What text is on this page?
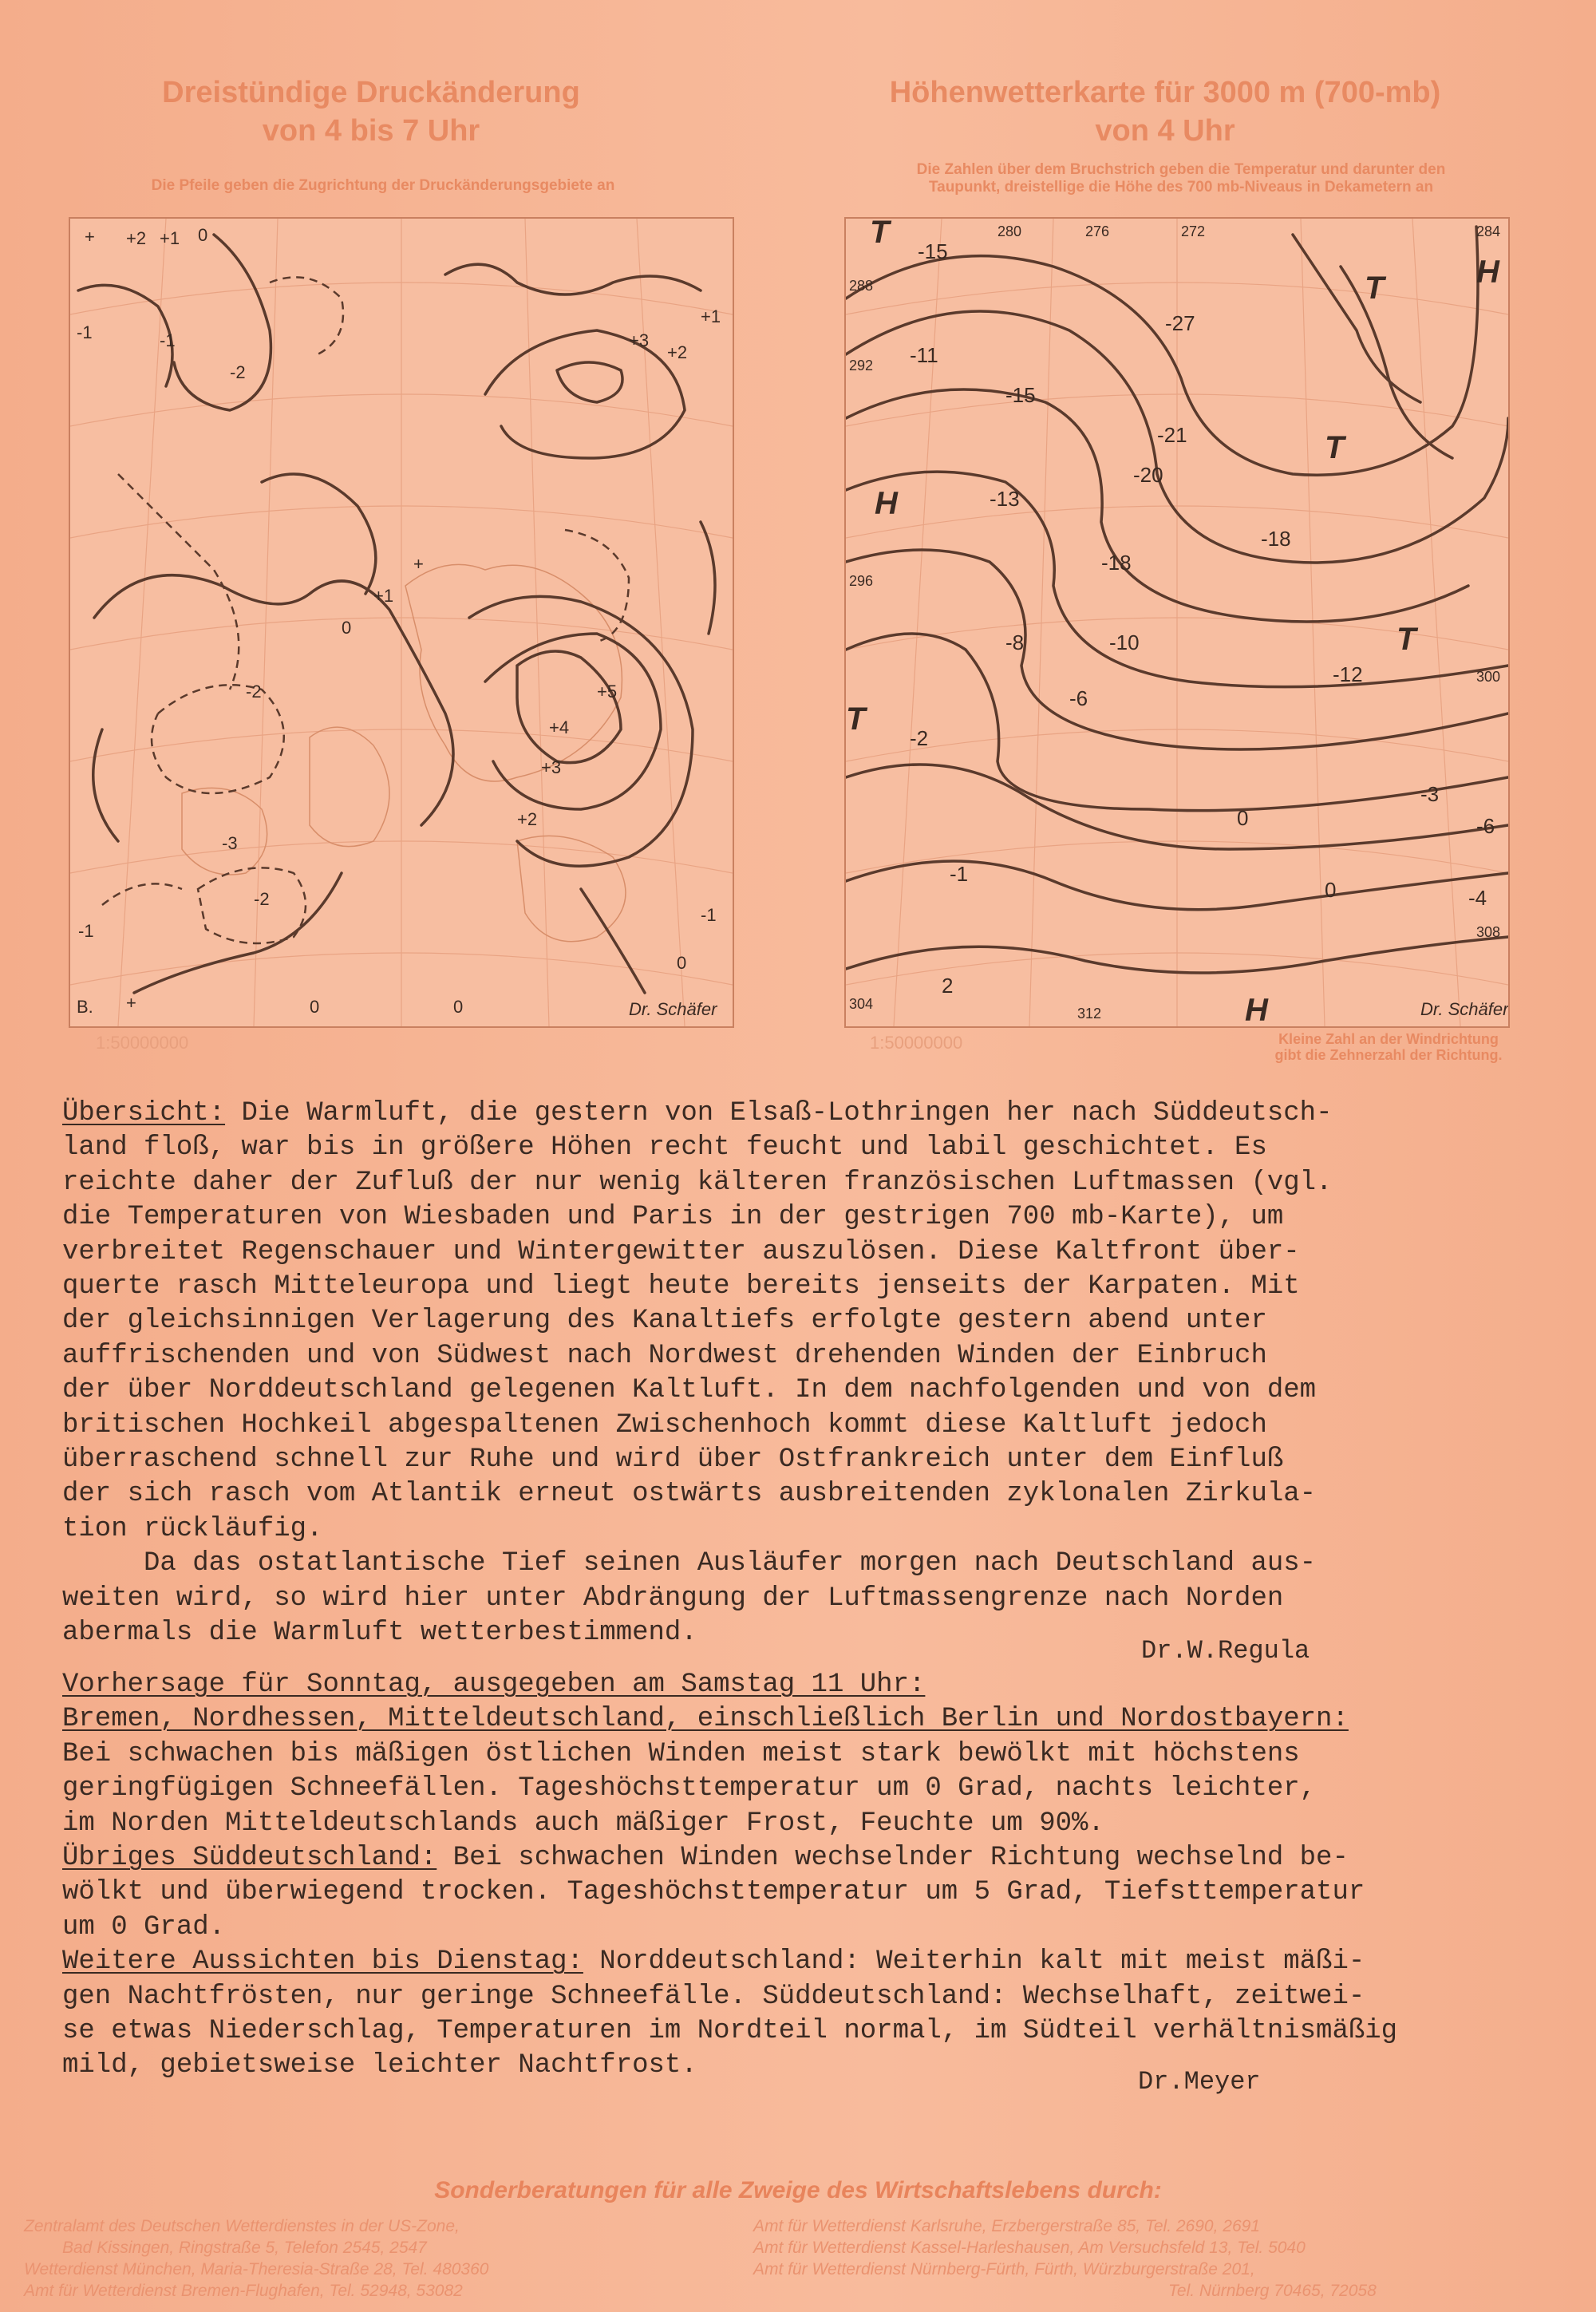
Dreistündige Druckänderung
von 4 bis 7 Uhr
Die Pfeile geben die Zugrichtung der Druckänderungsgebiete an
Höhenwetterkarte für 3000 m (700-mb)
von 4 Uhr
Die Zahlen über dem Bruchstrich geben die Temperatur und darunter den
Taupunkt, dreistellige die Höhe des 700 mb-Niveaus in Dekametern an
+ +2 +1 0
-1
-2
+3
+2
+1
-1
+
+1
0
+5
+4
+3
+2
-2
-3
-2
-1
-1
0
+	0	0
B.	Dr. Schäfer
1:50000000
T
T	H
H
T
T
T
H
-15
-11
-15
-13
-21
-20
-27
-18
-18
-12
-10
-8
-6
-2
0
-3
-6
-4
-1
0
2
280	276	272	284
288
292
296
300
304
308
312	Dr. Schäfer
1:50000000	Kleine Zahl an der Windrichtung
gibt die Zehnerzahl der Richtung.
Übersicht: Die Warmluft, die gestern von Elsaß-Lothringen her nach Süddeutsch-
land floß, war bis in größere Höhen recht feucht und labil geschichtet. Es
reichte daher der Zufluß der nur wenig kälteren französischen Luftmassen (vgl.
die Temperaturen von Wiesbaden und Paris in der gestrigen 700 mb-Karte), um
verbreitet Regenschauer und Wintergewitter auszulösen. Diese Kaltfront über-
querte rasch Mitteleuropa und liegt heute bereits jenseits der Karpaten. Mit
der gleichsinnigen Verlagerung des Kanaltiefs erfolgte gestern abend unter
auffrischenden und von Südwest nach Nordwest drehenden Winden der Einbruch
der über Norddeutschland gelegenen Kaltluft. In dem nachfolgenden und von dem
britischen Hochkeil abgespaltenen Zwischenhoch kommt diese Kaltluft jedoch
überraschend schnell zur Ruhe und wird über Ostfrankreich unter dem Einfluß
der sich rasch vom Atlantik erneut ostwärts ausbreitenden zyklonalen Zirkula-
tion rückläufig.
Da das ostatlantische Tief seinen Ausläufer morgen nach Deutschland aus-
weiten wird, so wird hier unter Abdrängung der Luftmassengrenze nach Norden
abermals die Warmluft wetterbestimmend.
Dr.W.Regula
Vorhersage für Sonntag, ausgegeben am Samstag 11 Uhr:
Bremen, Nordhessen, Mitteldeutschland, einschließlich Berlin und Nordostbayern:
Bei schwachen bis mäßigen östlichen Winden meist stark bewölkt mit höchstens
geringfügigen Schneefällen. Tageshöchsttemperatur um 0 Grad, nachts leichter,
im Norden Mitteldeutschlands auch mäßiger Frost, Feuchte um 90%.
Übriges Süddeutschland: Bei schwachen Winden wechselnder Richtung wechselnd be-
wölkt und überwiegend trocken. Tageshöchsttemperatur um 5 Grad, Tiefsttemperatur
um 0 Grad.
Weitere Aussichten bis Dienstag: Norddeutschland: Weiterhin kalt mit meist mäßi-
gen Nachtfrösten, nur geringe Schneefälle. Süddeutschland: Wechselhaft, zeitwei-
se etwas Niederschlag, Temperaturen im Nordteil normal, im Südteil verhältnismäßig
mild, gebietsweise leichter Nachtfrost.
Dr.Meyer
Sonderberatungen für alle Zweige des Wirtschaftslebens durch:
Zentralamt des Deutschen Wetterdienstes in der US-Zone,
Bad Kissingen, Ringstraße 5, Telefon 2545, 2547
Wetterdienst München, Maria-Theresia-Straße 28, Tel. 480360
Amt für Wetterdienst Bremen-Flughafen, Tel. 52948, 53082
Amt für Wetterdienst Karlsruhe, Erzbergerstraße 85, Tel. 2690, 2691
Amt für Wetterdienst Kassel-Harleshausen, Am Versuchsfeld 13, Tel. 5040
Amt für Wetterdienst Nürnberg-Fürth, Fürth, Würzburgerstraße 201,
Tel. Nürnberg 70465, 72058
